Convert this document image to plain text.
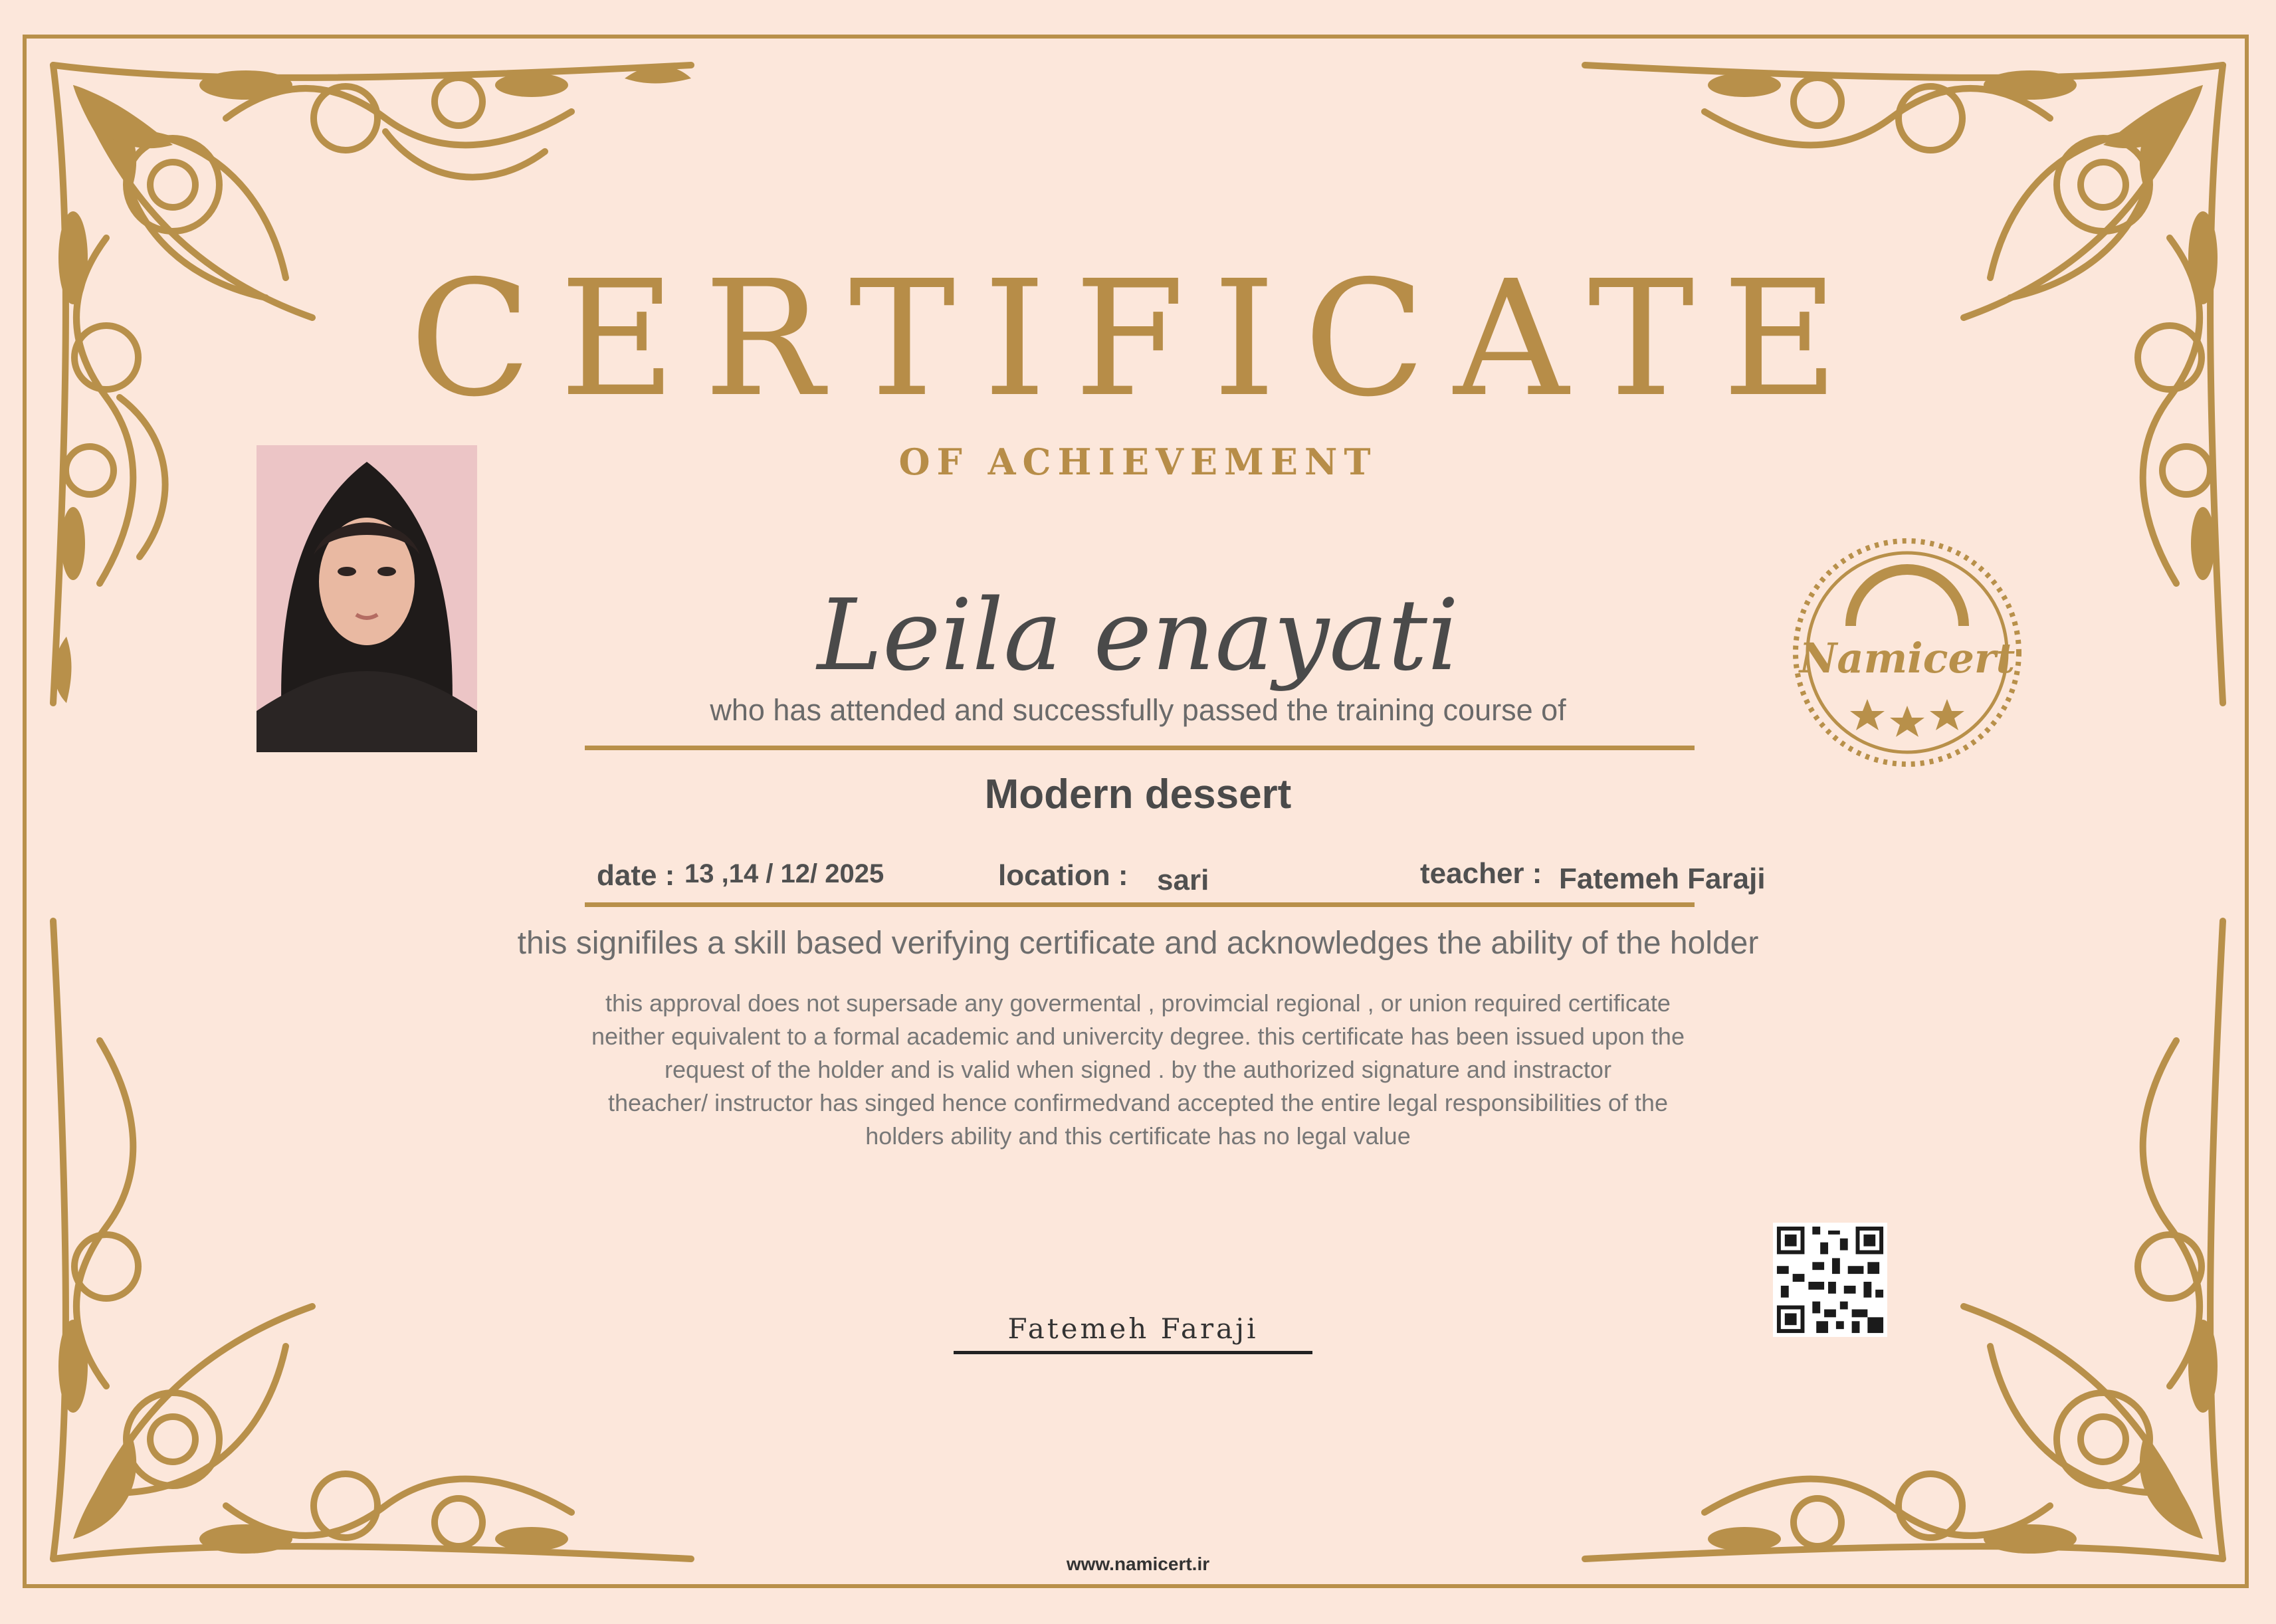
CERTIFICATE
OF ACHIEVEMENT
Leila enayati
who has attended and successfully passed the training course of
Modern dessert
date : 13 ,14 / 12/ 2025	location : sari	teacher : Fatemeh Faraji
this signifiles a skill based verifying certificate and acknowledges the ability of the holder
this approval does not supersade any govermental , provimcial regional , or union required certificate
neither equivalent to a formal academic and univercity degree. this certificate has been issued upon the
request of the holder and is valid when signed . by the authorized signature and instractor
theacher/ instructor has singed hence confirmedvand accepted the entire legal responsibilities of the
holders ability and this certificate has no legal value
Namicert
Fatemeh Faraji
www.namicert.ir
